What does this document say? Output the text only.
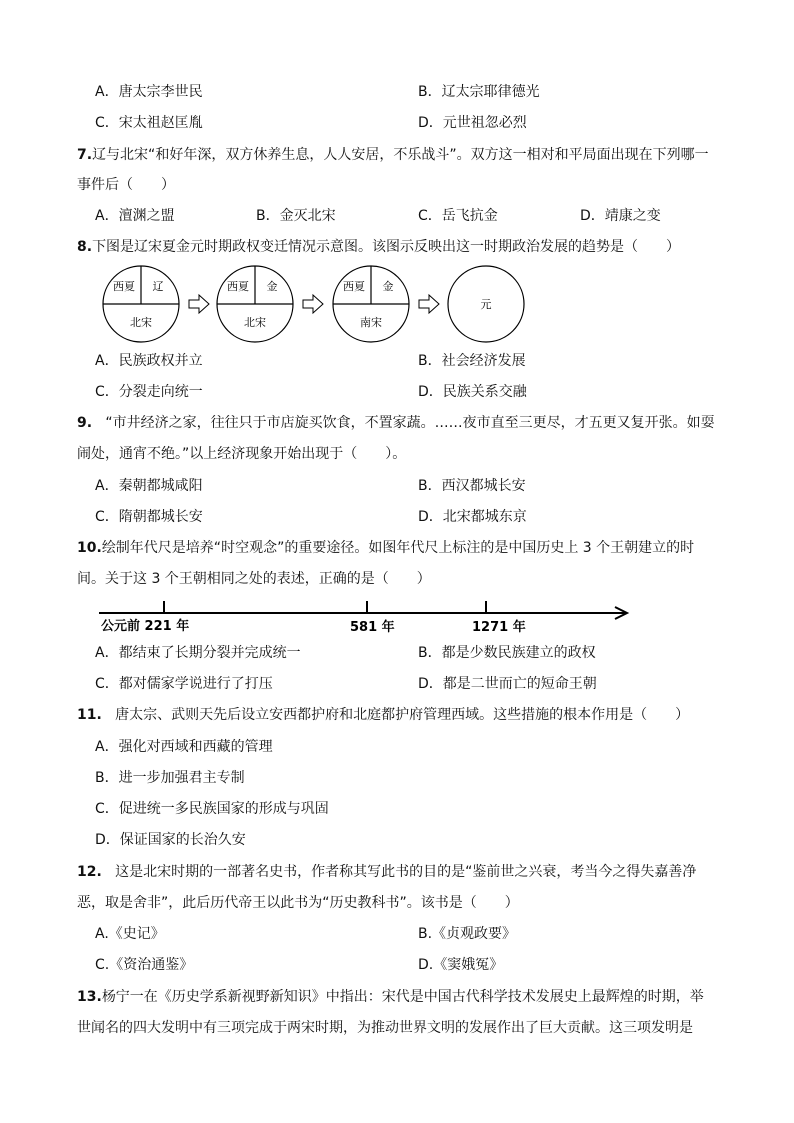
A．唐太宗李世民	B．辽太宗耶律德光
C．宋太祖赵匡胤	D．元世祖忽必烈
7.辽与北宋“和好年深，双方休养生息，人人安居，不乐战斗”。双方这一相对和平局面出现在下列哪一
事件后（　　）
A．澶渊之盟	B．金灭北宋	C．岳飞抗金	D．靖康之变
8.下图是辽宋夏金元时期政权变迁情况示意图。该图示反映出这一时期政治发展的趋势是（　　）
西夏 辽
北宋
西夏 金
北宋
西夏 金
南宋
元
A．民族政权并立	B．社会经济发展
C．分裂走向统一	D．民族关系交融
9. “市井经济之家，往往只于市店旋买饮食，不置家蔬。……夜市直至三更尽，才五更又复开张。如耍
闹处，通宵不绝。”以上经济现象开始出现于（　　）。
A．秦朝都城咸阳	B．西汉都城长安
C．隋朝都城长安	D．北宋都城东京
10.绘制年代尺是培养“时空观念”的重要途径。如图年代尺上标注的是中国历史上 3 个王朝建立的时
间。关于这 3 个王朝相同之处的表述，正确的是（　　）
公元前 221 年	581 年	1271 年
A．都结束了长期分裂并完成统一	B．都是少数民族建立的政权
C．都对儒家学说进行了打压	D．都是二世而亡的短命王朝
11. 唐太宗、武则天先后设立安西都护府和北庭都护府管理西域。这些措施的根本作用是（　　）
A．强化对西域和西藏的管理
B．进一步加强君主专制
C．促进统一多民族国家的形成与巩固
D．保证国家的长治久安
12. 这是北宋时期的一部著名史书，作者称其写此书的目的是“鉴前世之兴衰，考当今之得失嘉善净
恶，取是舍非”，此后历代帝王以此书为“历史教科书”。该书是（　　）
A.《史记》	B.《贞观政要》
C.《资治通鉴》	D.《窦娥冤》
13.杨宁一在《历史学系新视野新知识》中指出：宋代是中国古代科学技术发展史上最辉煌的时期，举
世闻名的四大发明中有三项完成于两宋时期，为推动世界文明的发展作出了巨大贡献。这三项发明是
